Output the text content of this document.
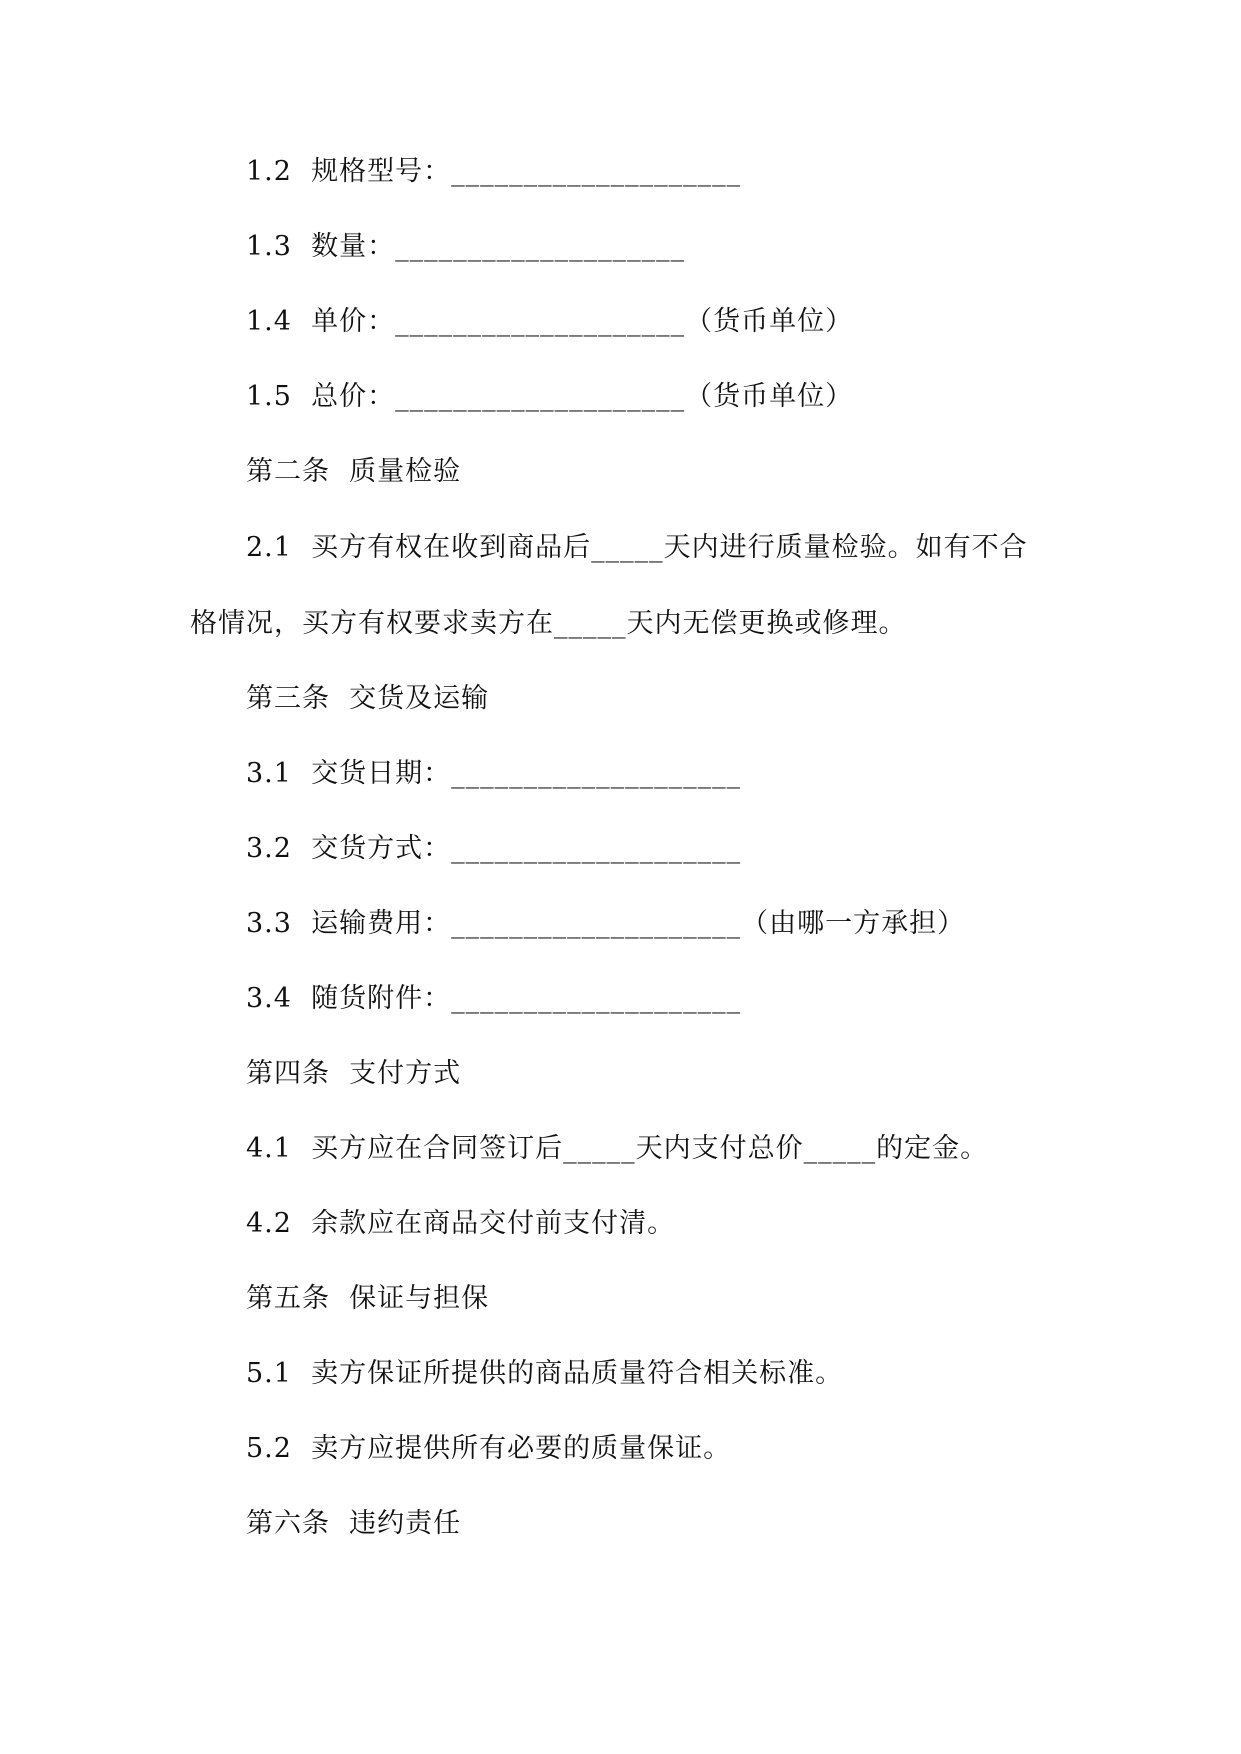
1.2  规格型号：____________________
1.3  数量：____________________
1.4  单价：____________________（货币单位）
1.5  总价：____________________（货币单位）
第二条  质量检验
2.1  买方有权在收到商品后_____天内进行质量检验。如有不合
格情况，买方有权要求卖方在_____天内无偿更换或修理。
第三条  交货及运输
3.1  交货日期：____________________
3.2  交货方式：____________________
3.3  运输费用：____________________（由哪一方承担）
3.4  随货附件：____________________
第四条  支付方式
4.1  买方应在合同签订后_____天内支付总价_____的定金。
4.2  余款应在商品交付前支付清。
第五条  保证与担保
5.1  卖方保证所提供的商品质量符合相关标准。
5.2  卖方应提供所有必要的质量保证。
第六条  违约责任
